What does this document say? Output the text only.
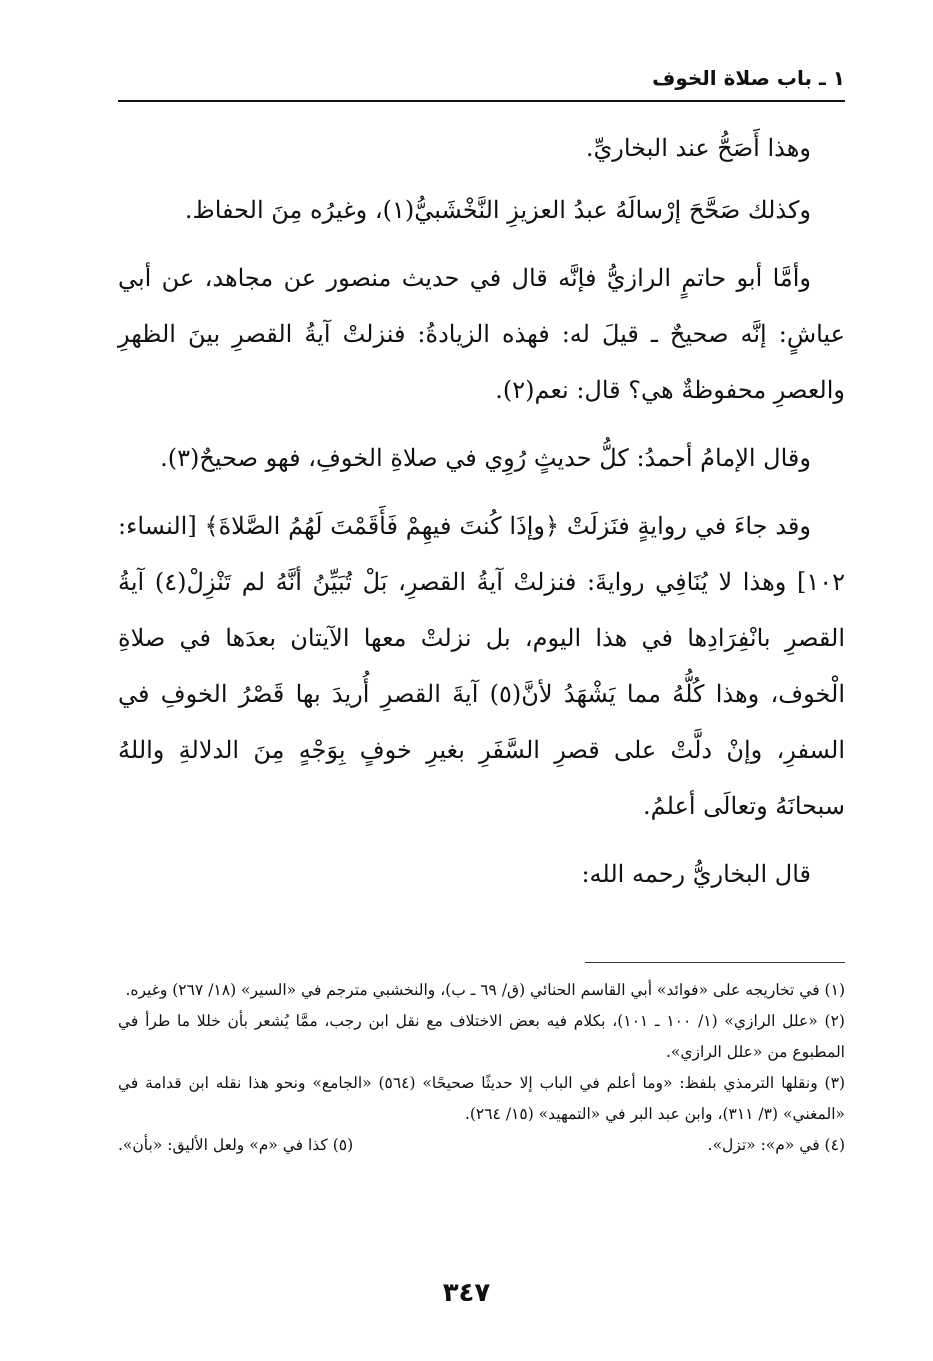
١ ـ باب صلاة الخوف

وهذا أَصَحُّ عند البخاريِّ.

وكذلك صَحَّحَ إرْسالَهُ عبدُ العزيزِ النَّخْشَبيُّ(١)، وغيرُه مِنَ الحفاظ.

وأمَّا أبو حاتمٍ الرازيُّ فإنَّه قال في حديث منصور عن مجاهد، عن أبي عياشٍ: إنَّه صحيحٌ ـ قيلَ له: فهذه الزيادةُ: فنزلتْ آيةُ القصرِ بينَ الظهرِ والعصرِ محفوظةٌ هي؟ قال: نعم(٢).

وقال الإمامُ أحمدُ: كلُّ حديثٍ رُوِي في صلاةِ الخوفِ، فهو صحيحٌ(٣).

وقد جاءَ في روايةٍ فنَزلَتْ ﴿وإذَا كُنتَ فيهِمْ فَأَقَمْتَ لَهُمُ الصَّلاةَ﴾ [النساء: ١٠٢] وهذا لا يُنَافِي روايةَ: فنزلتْ آيةُ القصرِ، بَلْ تُبَيِّنُ أنَّهُ لم تَنْزِلْ(٤) آيةُ القصرِ بانْفِرَادِها في هذا اليوم، بل نزلتْ معها الآيتان بعدَها في صلاةِ الْخوف، وهذا كُلُّهُ مما يَشْهَدُ لأنَّ(٥) آيةَ القصرِ أُريدَ بها قَصْرُ الخوفِ في السفرِ، وإنْ دلَّتْ على قصرِ السَّفَرِ بغيرِ خوفٍ بِوَجْهٍ مِنَ الدلالةِ واللهُ سبحانَهُ وتعالَى أعلمُ.

قال البخاريُّ رحمه الله:

(١) في تخاريجه على «فوائد» أبي القاسم الحنائي (ق/ ٦٩ ـ ب)، والنخشبي مترجم في «السير» (١٨/ ٢٦٧) وغيره.

(٢) «علل الرازي» (١/ ١٠٠ ـ ١٠١)، بكلام فيه بعض الاختلاف مع نقل ابن رجب، ممَّا يُشعر بأن خللا ما طرأ في المطبوع من «علل الرازي».

(٣) ونقلها الترمذي بلفظ: «وما أعلم في الباب إلا حديثًا صحيحًا» (٥٦٤) «الجامع» ونحو هذا نقله ابن قدامة في «المغني» (٣/ ٣١١)، وابن عبد البر في «التمهيد» (١٥/ ٢٦٤).

(٤) في «م»: «تزل».
(٥) كذا في «م» ولعل الأليق: «بأن».
٣٤٧
